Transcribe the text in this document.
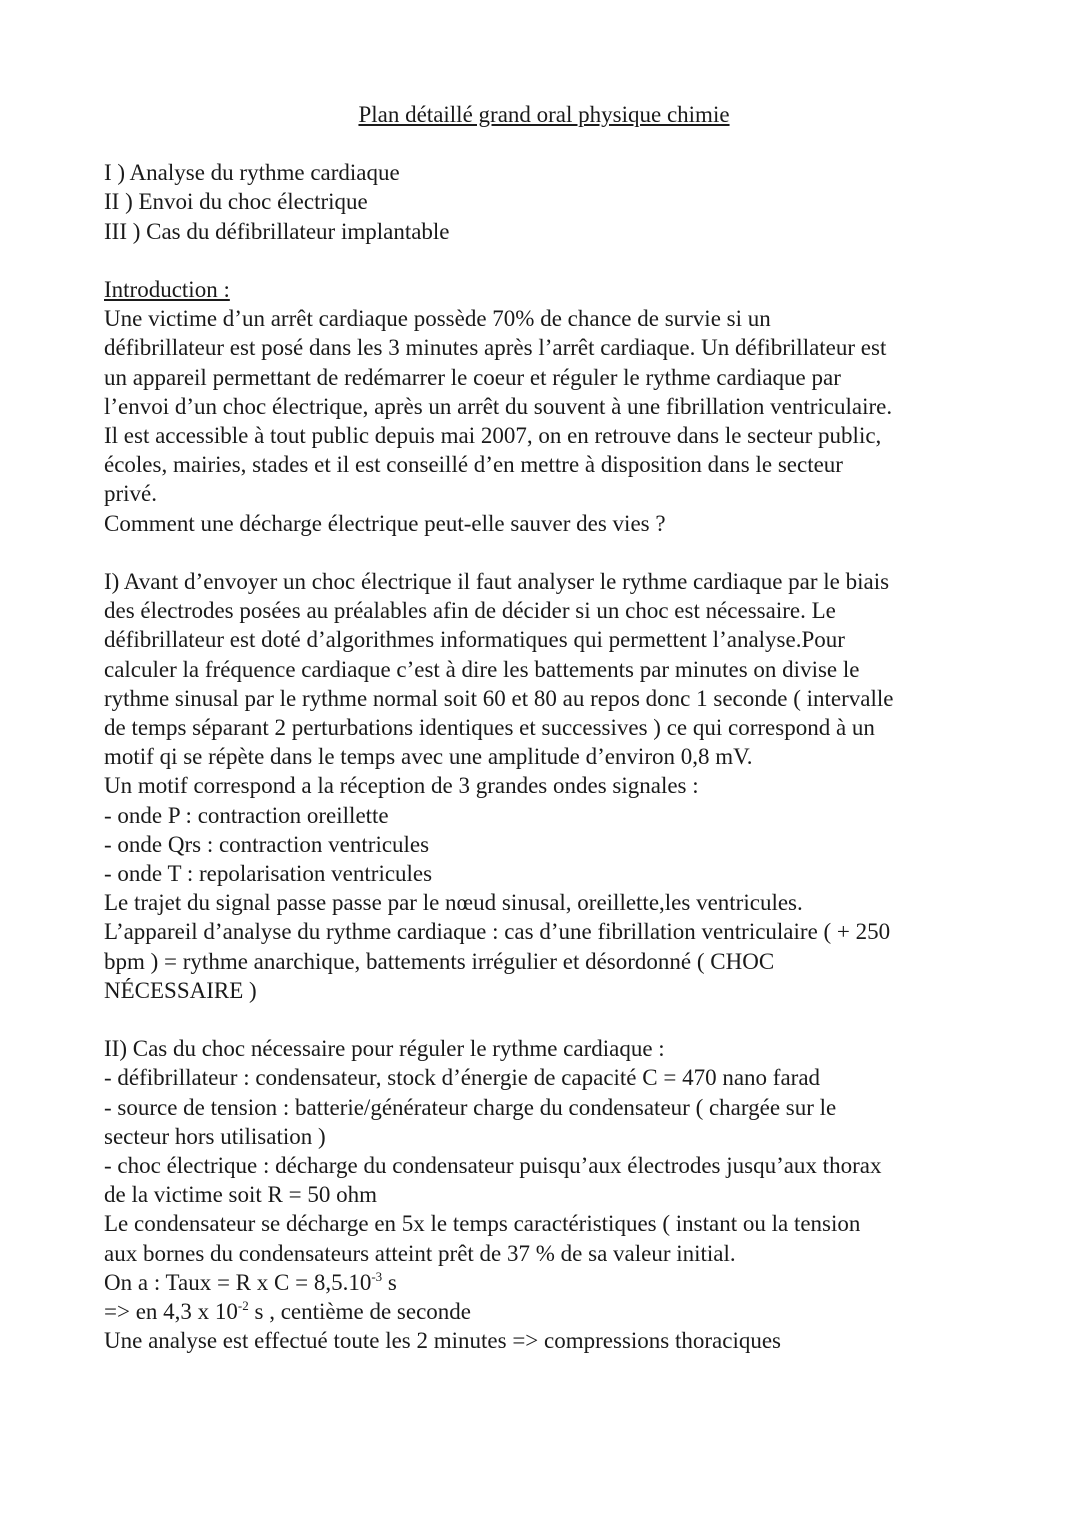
Plan détaillé grand oral physique chimie

I ) Analyse du rythme cardiaque

II ) Envoi du choc électrique

III ) Cas du défibrillateur implantable

Introduction :

Une victime d’un arrêt cardiaque possède 70% de chance de survie si un

défibrillateur est posé dans les 3 minutes après l’arrêt cardiaque. Un défibrillateur est

un appareil permettant de redémarrer le coeur et réguler le rythme cardiaque par

l’envoi d’un choc électrique, après un arrêt du souvent à une fibrillation ventriculaire.

Il est accessible à tout public depuis mai 2007, on en retrouve dans le secteur public,

écoles, mairies, stades et il est conseillé d’en mettre à disposition dans le secteur

privé.

Comment une décharge électrique peut-elle sauver des vies ?

I) Avant d’envoyer un choc électrique il faut analyser le rythme cardiaque par le biais

des électrodes posées au préalables afin de décider si un choc est nécessaire. Le

défibrillateur est doté d’algorithmes informatiques qui permettent l’analyse.Pour

calculer la fréquence cardiaque c’est à dire les battements par minutes on divise le

rythme sinusal par le rythme normal soit 60 et 80 au repos donc 1 seconde ( intervalle

de temps séparant 2 perturbations identiques et successives ) ce qui correspond à un

motif qi se répète dans le temps avec une amplitude d’environ 0,8 mV.

Un motif correspond a la réception de 3 grandes ondes signales :

- onde P : contraction oreillette

- onde Qrs : contraction ventricules

- onde T : repolarisation ventricules

Le trajet du signal passe passe par le nœud sinusal, oreillette,les ventricules.

L’appareil d’analyse du rythme cardiaque : cas d’une fibrillation ventriculaire ( + 250

bpm ) = rythme anarchique, battements irrégulier et désordonné ( CHOC

NÉCESSAIRE )

II) Cas du choc nécessaire pour réguler le rythme cardiaque :

- défibrillateur : condensateur, stock d’énergie de capacité C = 470 nano farad

- source de tension : batterie/générateur charge du condensateur ( chargée sur le

secteur hors utilisation )

- choc électrique : décharge du condensateur puisqu’aux électrodes jusqu’aux thorax

de la victime soit R = 50 ohm

Le condensateur se décharge en 5x le temps caractéristiques ( instant ou la tension

aux bornes du condensateurs atteint prêt de 37 % de sa valeur initial.

On a : Taux = R x $C = 8,5.10^{-3}$ s

=> en 4,3 x $10^{-2}$ s , centième de seconde

Une analyse est effectué toute les 2 minutes => compressions thoraciques
